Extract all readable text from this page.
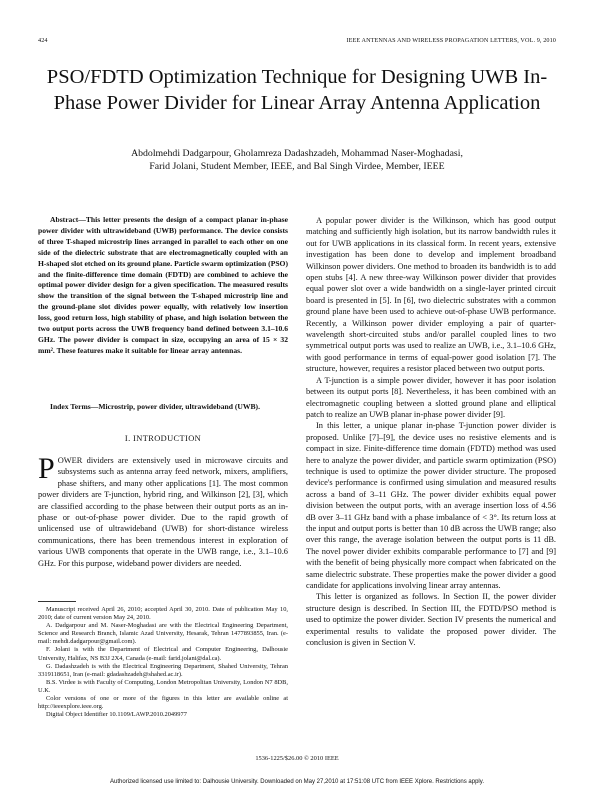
424	IEEE ANTENNAS AND WIRELESS PROPAGATION LETTERS, VOL. 9, 2010
PSO/FDTD Optimization Technique for Designing UWB In-Phase Power Divider for Linear Array Antenna Application
Abdolmehdi Dadgarpour, Gholamreza Dadashzadeh, Mohammad Naser-Moghadasi,
Farid Jolani, Student Member, IEEE, and Bal Singh Virdee, Member, IEEE
Abstract—This letter presents the design of a compact planar in-phase power divider with ultrawideband (UWB) performance. The device consists of three T-shaped microstrip lines arranged in parallel to each other on one side of the dielectric substrate that are electromagnetically coupled with an H-shaped slot etched on its ground plane. Particle swarm optimization (PSO) and the finite-difference time domain (FDTD) are combined to achieve the optimal power divider design for a given specification. The measured results show the transition of the signal between the T-shaped microstrip line and the ground-plane slot divides power equally, with relatively low insertion loss, good return loss, high stability of phase, and high isolation between the two output ports across the UWB frequency band defined between 3.1–10.6 GHz. The power divider is compact in size, occupying an area of 15 × 32 mm². These features make it suitable for linear array antennas.
Index Terms—Microstrip, power divider, ultrawideband (UWB).
I. INTRODUCTION
POWER dividers are extensively used in microwave circuits and subsystems such as antenna array feed network, mixers, amplifiers, phase shifters, and many other applications [1]. The most common power dividers are T-junction, hybrid ring, and Wilkinson [2], [3], which are classified according to the phase between their output ports as an in-phase or out-of-phase power divider. Due to the rapid growth of unlicensed use of ultrawideband (UWB) for short-distance wireless communications, there has been tremendous interest in exploration of various UWB components that operate in the UWB range, i.e., 3.1–10.6 GHz. For this purpose, wideband power dividers are needed.

Manuscript received April 26, 2010; accepted April 30, 2010. Date of publication May 10, 2010; date of current version May 24, 2010.

A. Dadgarpour and M. Naser-Moghadasi are with the Electrical Engineering Department, Science and Research Branch, Islamic Azad University, Hesarak, Tehran 1477893855, Iran. (e-mail: mehdi.dadgarpour@gmail.com).

F. Jolani is with the Department of Electrical and Computer Engineering, Dalhousie University, Halifax, NS B3J 2X4, Canada (e-mail: farid.jolani@dal.ca).

G. Dadashzadeh is with the Electrical Engineering Department, Shahed University, Tehran 3319118651, Iran (e-mail: gdadashzadeh@shahed.ac.ir).

B.S. Virdee is with Faculty of Computing, London Metropolitan University, London N7 8DB, U.K.

Color versions of one or more of the figures in this letter are available online at http://ieeexplore.ieee.org.

Digital Object Identifier 10.1109/LAWP.2010.2049977

A popular power divider is the Wilkinson, which has good output matching and sufficiently high isolation, but its narrow bandwidth rules it out for UWB applications in its classical form. In recent years, extensive investigation has been done to develop and implement broadband Wilkinson power dividers. One method to broaden its bandwidth is to add open stubs [4]. A new three-way Wilkinson power divider that provides equal power slot over a wide bandwidth on a single-layer printed circuit board is presented in [5]. In [6], two dielectric substrates with a common ground plane have been used to achieve out-of-phase UWB performance. Recently, a Wilkinson power divider employing a pair of quarter-wavelength short-circuited stubs and/or parallel coupled lines to two symmetrical output ports was used to realize an UWB, i.e., 3.1–10.6 GHz, with good performance in terms of equal-power good isolation [7]. The structure, however, requires a resistor placed between two output ports.

A T-junction is a simple power divider, however it has poor isolation between its output ports [8]. Nevertheless, it has been combined with an electromagnetic coupling between a slotted ground plane and elliptical patch to realize an UWB planar in-phase power divider [9].

In this letter, a unique planar in-phase T-junction power divider is proposed. Unlike [7]–[9], the device uses no resistive elements and is compact in size. Finite-difference time domain (FDTD) method was used here to analyze the power divider, and particle swarm optimization (PSO) technique is used to optimize the power divider structure. The proposed device's performance is confirmed using simulation and measured results across a band of 3–11 GHz. The power divider exhibits equal power division between the output ports, with an average insertion loss of 4.56 dB over 3–11 GHz band with a phase imbalance of < 3°. Its return loss at the input and output ports is better than 10 dB across the UWB range; also over this range, the average isolation between the output ports is 11 dB. The novel power divider exhibits comparable performance to [7] and [9] with the benefit of being physically more compact when fabricated on the same dielectric substrate. These properties make the power divider a good candidate for applications involving linear array antennas.

This letter is organized as follows. In Section II, the power divider structure design is described. In Section III, the FDTD/PSO method is used to optimize the power divider. Section IV presents the numerical and experimental results to validate the proposed power divider. The conclusion is given in Section V.

1536-1225/$26.00 © 2010 IEEE
Authorized licensed use limited to: Dalhousie University. Downloaded on May 27,2010 at 17:51:08 UTC from IEEE Xplore. Restrictions apply.
